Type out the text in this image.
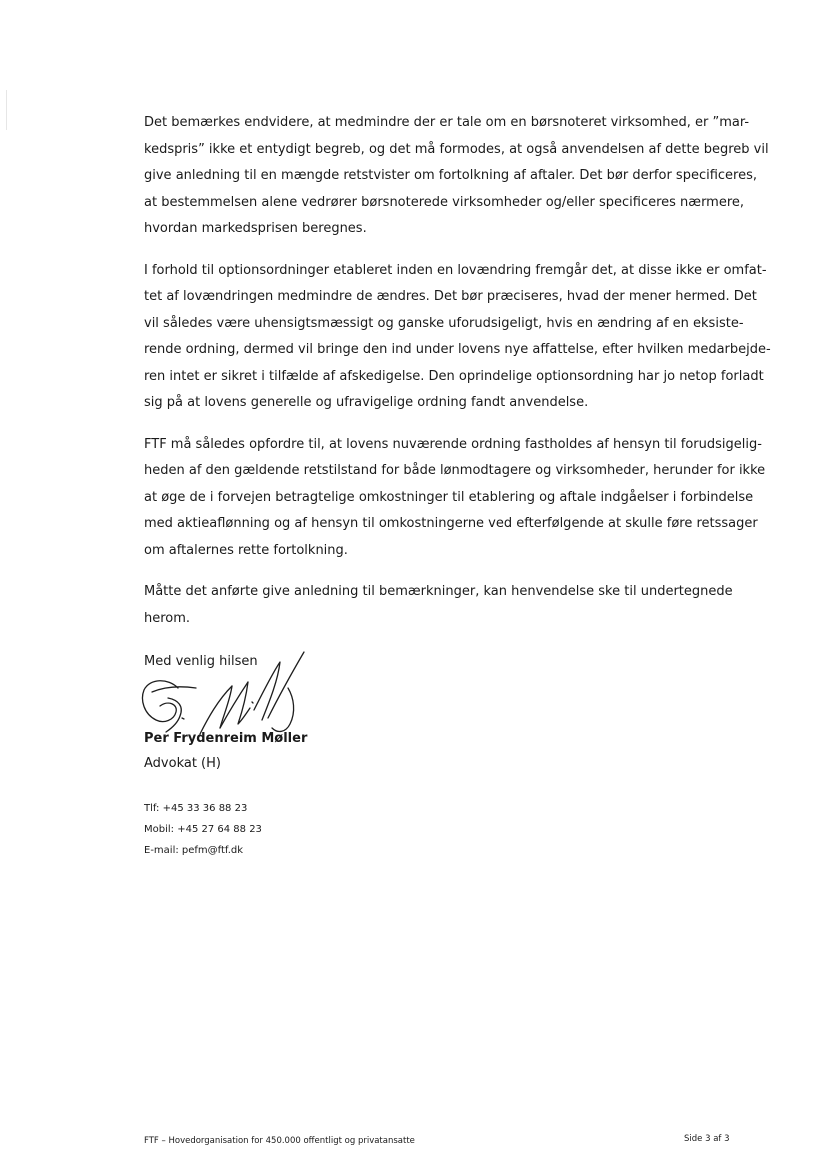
Det bemærkes endvidere, at medmindre der er tale om en børsnoteret virksomhed, er ”mar-
kedspris” ikke et entydigt begreb, og det må formodes, at også anvendelsen af dette begreb vil
give anledning til en mængde retstvister om fortolkning af aftaler. Det bør derfor specificeres,
at bestemmelsen alene vedrører børsnoterede virksomheder og/eller specificeres nærmere,
hvordan markedsprisen beregnes.

I forhold til optionsordninger etableret inden en lovændring fremgår det, at disse ikke er omfat-
tet af lovændringen medmindre de ændres. Det bør præciseres, hvad der mener hermed. Det
vil således være uhensigtsmæssigt og ganske uforudsigeligt, hvis en ændring af en eksiste-
rende ordning, dermed vil bringe den ind under lovens nye affattelse, efter hvilken medarbejde-
ren intet er sikret i tilfælde af afskedigelse. Den oprindelige optionsordning har jo netop forladt
sig på at lovens generelle og ufravigelige ordning fandt anvendelse.

FTF må således opfordre til, at lovens nuværende ordning fastholdes af hensyn til forudsigelig-
heden af den gældende retstilstand for både lønmodtagere og virksomheder, herunder for ikke
at øge de i forvejen betragtelige omkostninger til etablering og aftale indgåelser i forbindelse
med aktieaflønning og af hensyn til omkostningerne ved efterfølgende at skulle føre retssager
om aftalernes rette fortolkning.

Måtte det anførte give anledning til bemærkninger, kan henvendelse ske til undertegnede
herom.

Med venlig hilsen
Per Frydenreim Møller
Advokat (H)
Tlf: +45 33 36 88 23
Mobil: +45 27 64 88 23
E-mail: pefm@ftf.dk
FTF – Hovedorganisation for 450.000 offentligt og privatansatte	Side 3 af 3
